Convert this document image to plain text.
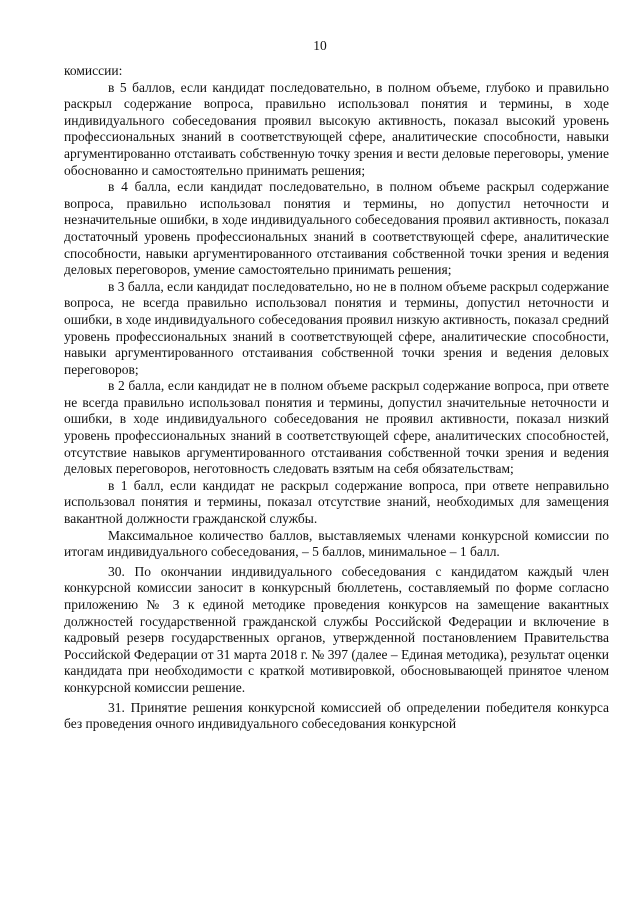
10

комиссии:

в 5 баллов, если кандидат последовательно, в полном объеме, глубоко и правильно раскрыл содержание вопроса, правильно использовал понятия и термины, в ходе индивидуального собеседования проявил высокую активность, показал высокий уровень профессиональных знаний в соответствующей сфере, аналитические способности, навыки аргументированно отстаивать собственную точку зрения и вести деловые переговоры, умение обоснованно и самостоятельно принимать решения;

в 4 балла, если кандидат последовательно, в полном объеме раскрыл содержание вопроса, правильно использовал понятия и термины, но допустил неточности и незначительные ошибки, в ходе индивидуального собеседования проявил активность, показал достаточный уровень профессиональных знаний в соответствующей сфере, аналитические способности, навыки аргументированного отстаивания собственной точки зрения и ведения деловых переговоров, умение самостоятельно принимать решения;

в 3 балла, если кандидат последовательно, но не в полном объеме раскрыл содержание вопроса, не всегда правильно использовал понятия и термины, допустил неточности и ошибки, в ходе индивидуального собеседования проявил низкую активность, показал средний уровень профессиональных знаний в соответствующей сфере, аналитические способности, навыки аргументированного отстаивания собственной точки зрения и ведения деловых переговоров;

в 2 балла, если кандидат не в полном объеме раскрыл содержание вопроса, при ответе не всегда правильно использовал понятия и термины, допустил значительные неточности и ошибки, в ходе индивидуального собеседования не проявил активности, показал низкий уровень профессиональных знаний в соответствующей сфере, аналитических способностей, отсутствие навыков аргументированного отстаивания собственной точки зрения и ведения деловых переговоров, неготовность следовать взятым на себя обязательствам;

в 1 балл, если кандидат не раскрыл содержание вопроса, при ответе неправильно использовал понятия и термины, показал отсутствие знаний, необходимых для замещения вакантной должности гражданской службы.

Максимальное количество баллов, выставляемых членами конкурсной комиссии по итогам индивидуального собеседования, – 5 баллов, минимальное – 1 балл.

30. По окончании индивидуального собеседования с кандидатом каждый член конкурсной комиссии заносит в конкурсный бюллетень, составляемый по форме согласно приложению № 3 к единой методике проведения конкурсов на замещение вакантных должностей государственной гражданской службы Российской Федерации и включение в кадровый резерв государственных органов, утвержденной постановлением Правительства Российской Федерации от 31 марта 2018 г. № 397 (далее – Единая методика), результат оценки кандидата при необходимости с краткой мотивировкой, обосновывающей принятое членом конкурсной комиссии решение.

31. Принятие решения конкурсной комиссией об определении победителя конкурса без проведения очного индивидуального собеседования конкурсной
